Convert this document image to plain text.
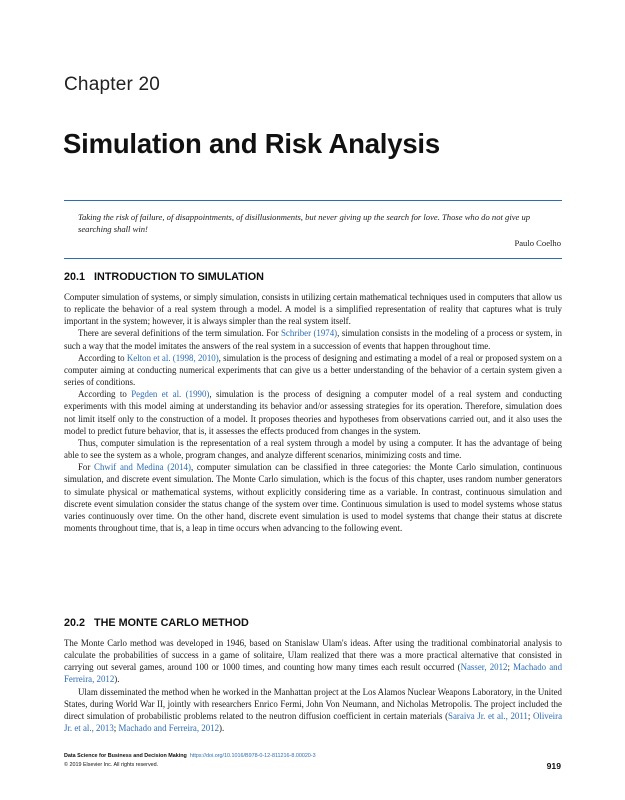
Chapter 20
Simulation and Risk Analysis
Taking the risk of failure, of disappointments, of disillusionments, but never giving up the search for love. Those who do not give up searching shall win!
Paulo Coelho
20.1 INTRODUCTION TO SIMULATION

Computer simulation of systems, or simply simulation, consists in utilizing certain mathematical techniques used in computers that allow us to replicate the behavior of a real system through a model. A model is a simplified representation of reality that captures what is truly important in the system; however, it is always simpler than the real system itself.

There are several definitions of the term simulation. For Schriber (1974), simulation consists in the modeling of a process or system, in such a way that the model imitates the answers of the real system in a succession of events that happen throughout time.

According to Kelton et al. (1998, 2010), simulation is the process of designing and estimating a model of a real or proposed system on a computer aiming at conducting numerical experiments that can give us a better understanding of the behavior of a certain system given a series of conditions.

According to Pegden et al. (1990), simulation is the process of designing a computer model of a real system and conducting experiments with this model aiming at understanding its behavior and/or assessing strategies for its operation. Therefore, simulation does not limit itself only to the construction of a model. It proposes theories and hypotheses from observations carried out, and it also uses the model to predict future behavior, that is, it assesses the effects produced from changes in the system.

Thus, computer simulation is the representation of a real system through a model by using a computer. It has the advantage of being able to see the system as a whole, program changes, and analyze different scenarios, minimizing costs and time.

For Chwif and Medina (2014), computer simulation can be classified in three categories: the Monte Carlo simulation, continuous simulation, and discrete event simulation. The Monte Carlo simulation, which is the focus of this chapter, uses random number generators to simulate physical or mathematical systems, without explicitly considering time as a variable. In contrast, continuous simulation and discrete event simulation consider the status change of the system over time. Continuous simulation is used to model systems whose status varies continuously over time. On the other hand, discrete event simulation is used to model systems that change their status at discrete moments throughout time, that is, a leap in time occurs when advancing to the following event.

20.2 THE MONTE CARLO METHOD

The Monte Carlo method was developed in 1946, based on Stanislaw Ulam's ideas. After using the traditional combinatorial analysis to calculate the probabilities of success in a game of solitaire, Ulam realized that there was a more practical alternative that consisted in carrying out several games, around 100 or 1000 times, and counting how many times each result occurred (Nasser, 2012; Machado and Ferreira, 2012).

Ulam disseminated the method when he worked in the Manhattan project at the Los Alamos Nuclear Weapons Laboratory, in the United States, during World War II, jointly with researchers Enrico Fermi, John Von Neumann, and Nicholas Metropolis. The project included the direct simulation of probabilistic problems related to the neutron diffusion coefficient in certain materials (Saraiva Jr. et al., 2011; Oliveira Jr. et al., 2013; Machado and Ferreira, 2012).

Data Science for Business and Decision Making https://doi.org/10.1016/B978-0-12-811216-8.00020-3
© 2019 Elsevier Inc. All rights reserved.	919
